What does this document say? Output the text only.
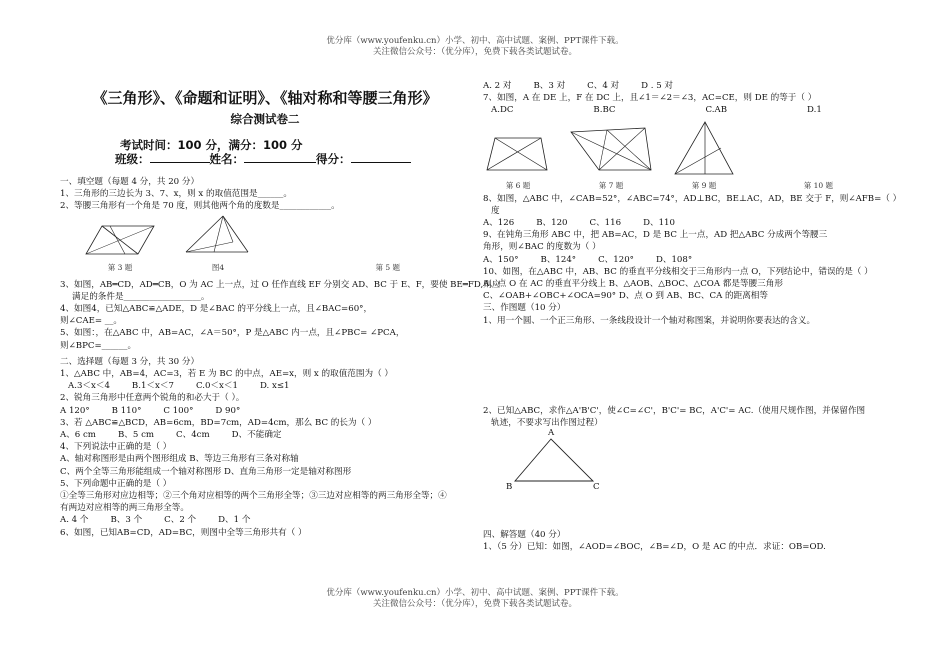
优分库（www.youfenku.cn）小学、初中、高中试题、案例、PPT课件下载。
关注微信公众号：（优分库），免费下载各类试题试卷。
《三角形》、《命题和证明》、《轴对称和等腰三角形》
综合测试卷二
考试时间：100 分，满分：100 分
班级：	姓名：	得分：
一、填空题（每题 4 分，共 20 分）
1、三角形的三边长为 3、7、x，则 x 的取值范围是______。
2、等腰三角形有一个角是 70 度，则其他两个角的度数是____________。
第 3 题	图4	第 5 题
3、如图，AB═CD，AD═CB，O 为 AC 上一点，过 O 任作直线 EF 分别交 AD、BC 于 E、F，要使 BE═FD,则应
满足的条件是__________________。
4、如图4，已知△ABC≌△ADE，D 是∠BAC 的平分线上一点，且∠BAC=60°，
则∠CAE= __。
5、如图：，在△ABC 中，AB=AC，∠A＝50°，P 是△ABC 内一点，且∠PBC= ∠PCA，
则∠BPC=______。
二、选择题（每题 3 分，共 30 分）
1、△ABC 中，AB=4，AC=3，若 E 为 BC 的中点，AE=x，则 x 的取值范围为（ ）
A.3＜x＜4	B.1＜x＜7	C.0＜x＜1	D. x≤1
2、锐角三角形中任意两个锐角的和必大于（ ）。
A 120°	B 110°	C 100°	D 90°
3、若 △ABC≌△BCD，AB=6cm，BD=7cm，AD=4cm，那么 BC 的长为（ ）
A、6 cm	B、5 cm	C、4cm	D、不能确定
4、下列说法中正确的是（ ）
A、轴对称图形是由两个图形组成 B、等边三角形有三条对称轴
C、两个全等三角形能组成一个轴对称图形 D、直角三角形一定是轴对称图形
5、下列命题中正确的是（ ）
①全等三角形对应边相等；②三个角对应相等的两个三角形全等；③三边对应相等的两三角形全等；④
有两边对应相等的两三角形全等。
A. 4 个	B、3 个	C、2 个	D、1 个
6、如图，已知AB=CD，AD=BC，则图中全等三角形共有（ ）
A. 2 对	B、3 对	C、4 对	D . 5 对
7、如图，A 在 DE 上，F 在 DC 上，且∠1＝∠2＝∠3，AC=CE，则 DE 的等于（ ）
A.DC	B.BC	C.AB	D.1
第 6 题	第 7 题	第 9 题	第 10 题
8、如图，△ABC 中，∠CAB=52°，∠ABC=74°，AD⊥BC，BE⊥AC，AD，BE 交于 F，则∠AFB=（ ）
度
A、126	B、120	C、116	D、110
9、在钝角三角形 ABC 中，把 AB=AC，D 是 BC 上一点，AD 把△ABC 分成两个等腰三
角形，则∠BAC 的度数为（ ）
A、150°	B、124°	C、120°	D、108°
10、如图，在△ABC 中，AB、BC 的垂直平分线相交于三角形内一点 O，下列结论中，错误的是（ ）
A、点 O 在 AC 的垂直平分线上 B、△AOB、△BOC、△COA 都是等腰三角形
C、∠OAB+∠OBC+∠OCA=90° D、点 O 到 AB、BC、CA 的距离相等
三、作图题（10 分）
1、用一个圆、一个正三角形、一条线段设计一个轴对称图案，并说明你要表达的含义。
2、已知△ABC，求作△A'B'C'，使∠C=∠C'，B'C'= BC，A'C'= AC.（使用尺规作图，并保留作图
轨迹，不要求写出作图过程）
A
B	C
四、解答题（40 分）
1、（5 分）已知：如图，∠AOD=∠BOC，∠B=∠D，O 是 AC 的中点．求证：OB=OD.
优分库（www.youfenku.cn）小学、初中、高中试题、案例、PPT课件下载。
关注微信公众号：（优分库），免费下载各类试题试卷。
